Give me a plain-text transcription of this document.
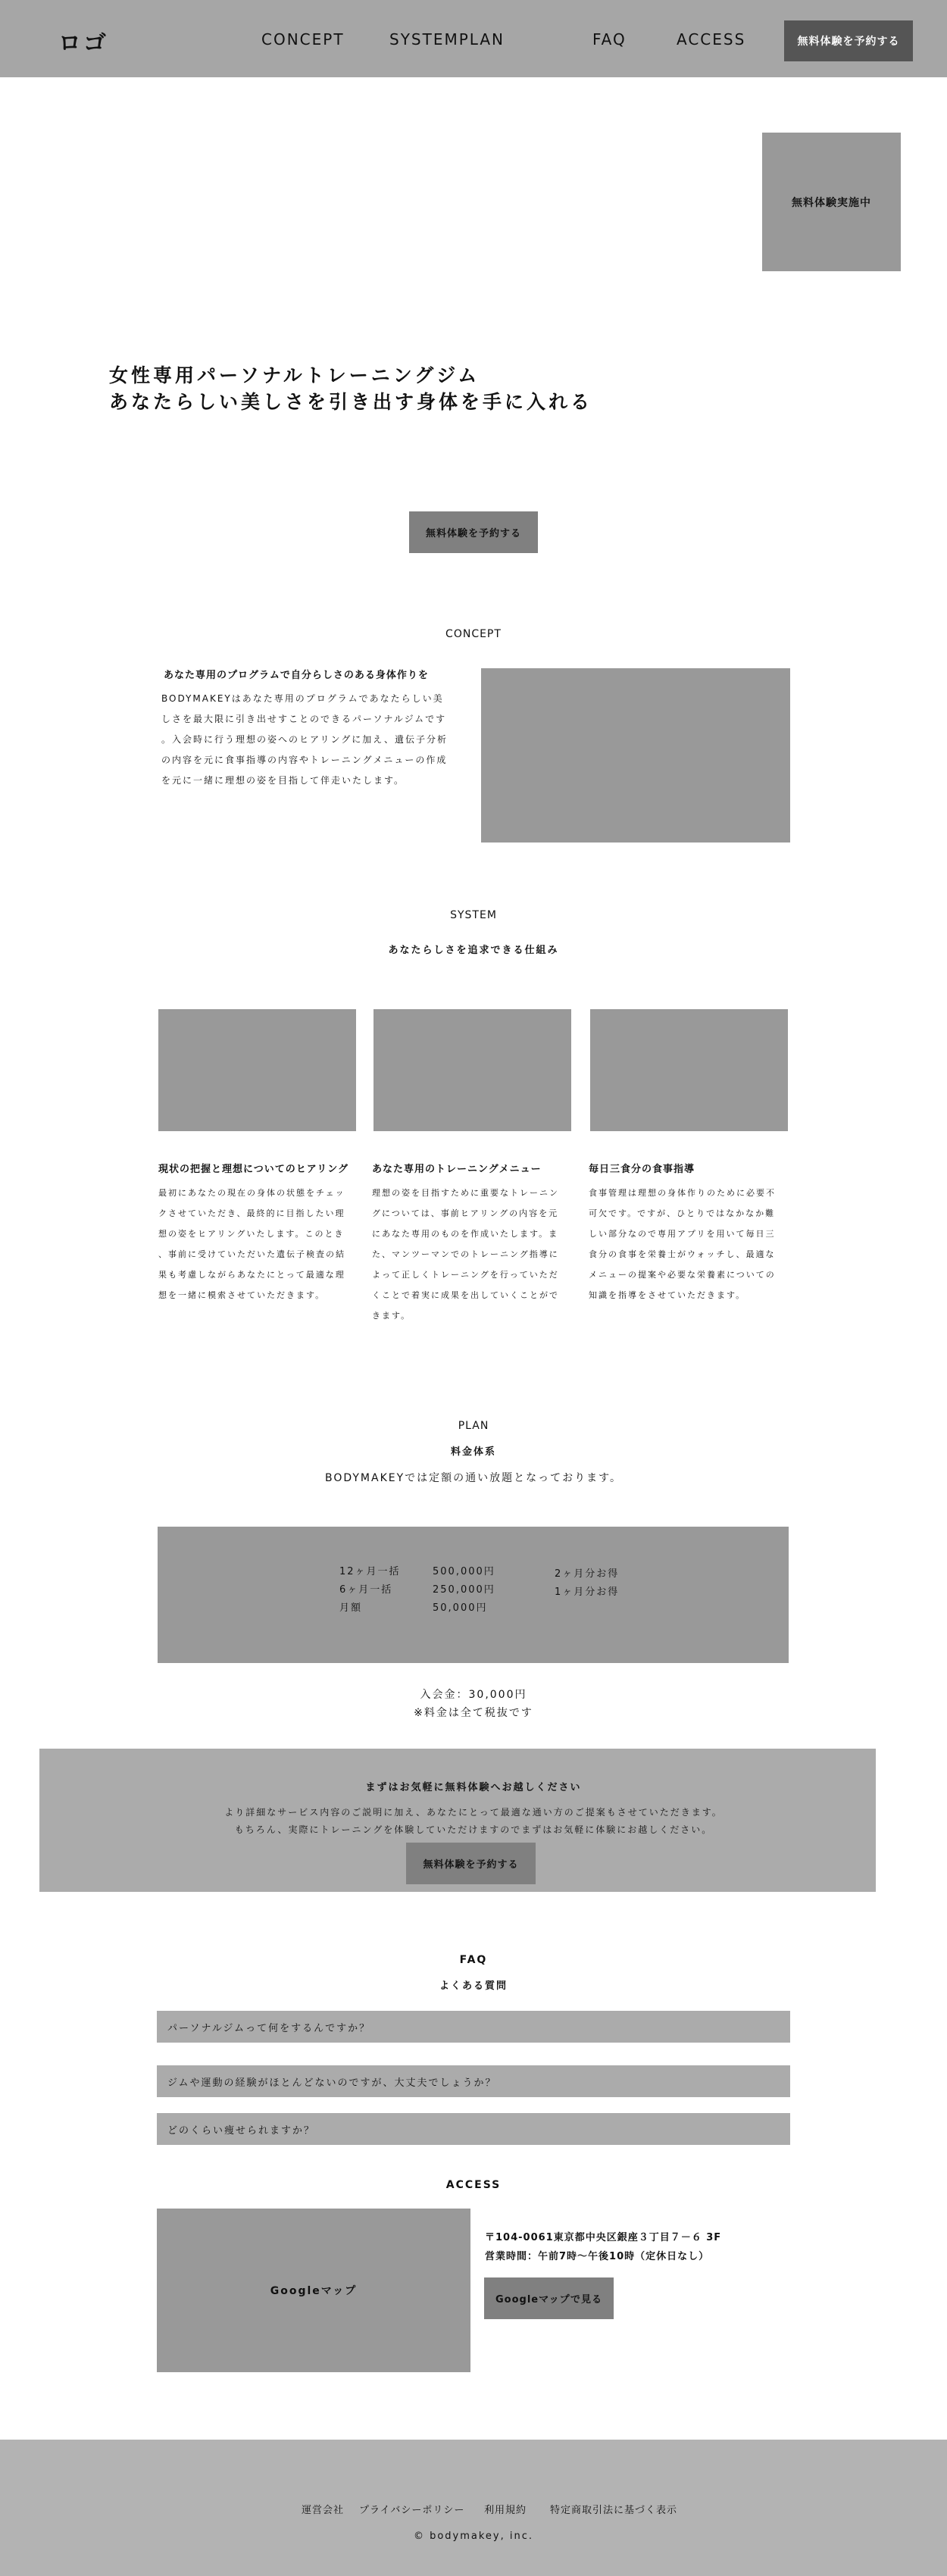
ロゴ	CONCEPT	SYSTEMPLAN	FAQ	ACCESS	無料体験を予約する
無料体験実施中
女性専用パーソナルトレーニングジム
あなたらしい美しさを引き出す身体を手に入れる
無料体験を予約する
CONCEPT
あなた専用のプログラムで自分らしさのある身体作りを
BODYMAKEYはあなた専用のプログラムであなたらしい美
しさを最大限に引き出せすことのできるパーソナルジムです
。入会時に行う理想の姿へのヒアリングに加え、遺伝子分析
の内容を元に食事指導の内容やトレーニングメニューの作成
を元に一緒に理想の姿を目指して伴走いたします。
SYSTEM
あなたらしさを追求できる仕組み
現状の把握と理想についてのヒアリング あなた専用のトレーニングメニュー	毎日三食分の食事指導
最初にあなたの現在の身体の状態をチェッ
クさせていただき、最終的に目指したい理
想の姿をヒアリングいたします。このとき
、事前に受けていただいた遺伝子検査の結
果も考慮しながらあなたにとって最適な理
想を一緒に模索させていただきます。
理想の姿を目指すために重要なトレーニン
グについては、事前ヒアリングの内容を元
にあなた専用のものを作成いたします。ま
た、マンツーマンでのトレーニング指導に
よって正しくトレーニングを行っていただ
くことで着実に成果を出していくことがで
きます。
食事管理は理想の身体作りのために必要不
可欠です。ですが、ひとりではなかなか難
しい部分なので専用アプリを用いて毎日三
食分の食事を栄養士がウォッチし、最適な
メニューの提案や必要な栄養素についての
知識を指導をさせていただきます。
PLAN
料金体系
BODYMAKEYでは定額の通い放題となっております。
12ヶ月一括	500,000円	2ヶ月分お得
6ヶ月一括	250,000円	1ヶ月分お得
月額	50,000円
入会金：30,000円
※料金は全て税抜です
まずはお気軽に無料体験へお越しください
より詳細なサービス内容のご説明に加え、あなたにとって最適な通い方のご提案もさせていただきます。
もちろん、実際にトレーニングを体験していただけますのでまずはお気軽に体験にお越しください。
無料体験を予約する
FAQ
よくある質問
パーソナルジムって何をするんですか？
ジムや運動の経験がほとんどないのですが、大丈夫でしょうか？
どのくらい痩せられますか？
ACCESS
Googleマップ
〒104-0061東京都中央区銀座３丁目７－６ 3F
営業時間：午前7時〜午後10時（定休日なし）
Googleマップで見る
運営会社 プライバシーポリシー 利用規約 特定商取引法に基づく表示
© bodymakey, inc.
